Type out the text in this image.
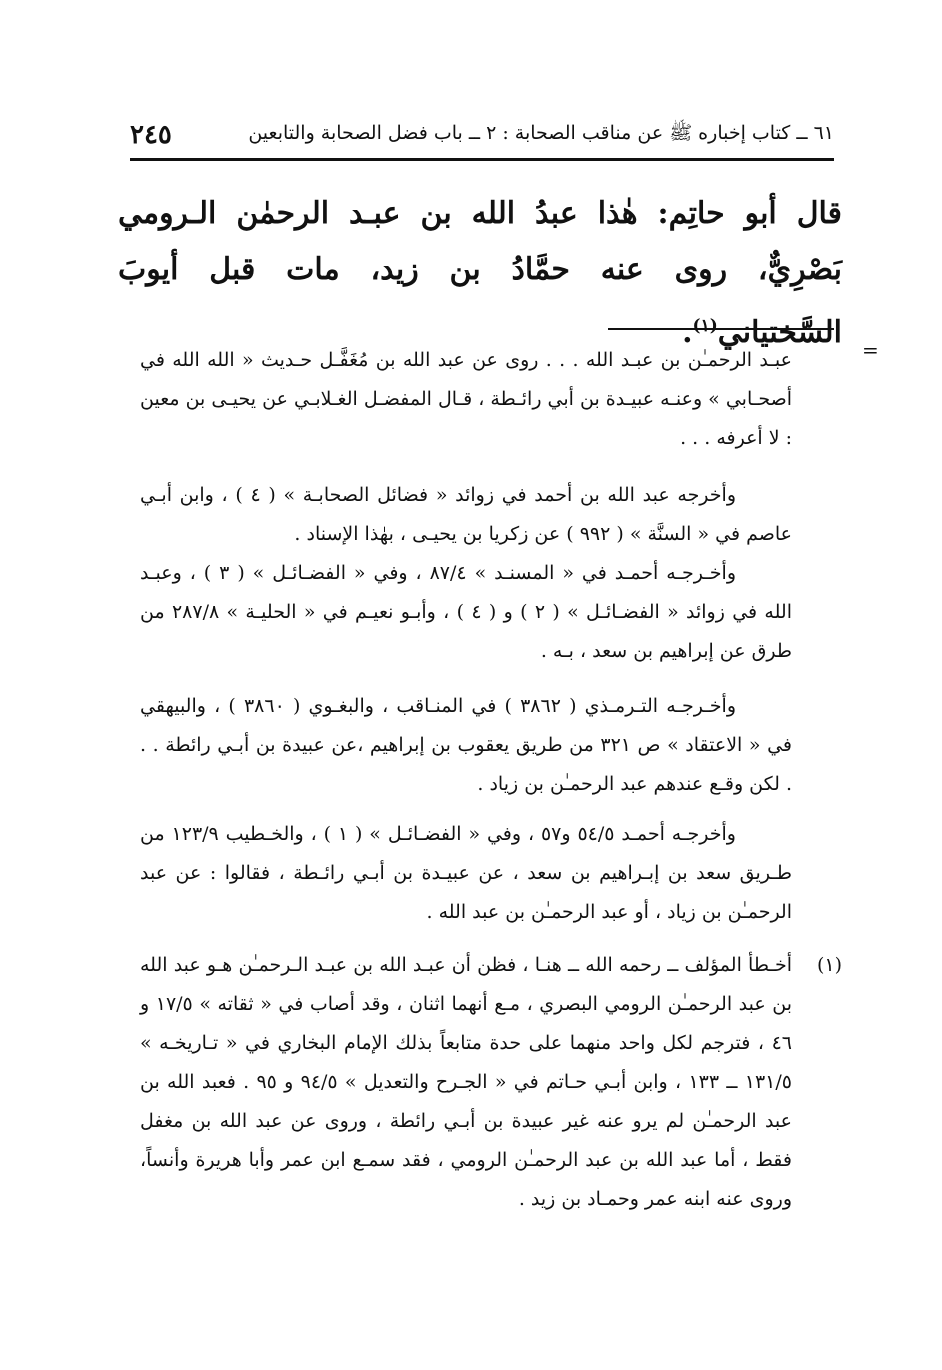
٦١ ــ كتاب إخباره ﷺ عن مناقب الصحابة : ٢ ــ باب فضل الصحابة والتابعين
٢٤٥
قال أبو حاتِم: هٰذا عبدُ الله بن عبـد الرحمٰن الـرومي بَصْرِيٌّ، روى عنه حمَّادُ بن زيد، مات قبل أيوبَ السَّختياني$^{(١)}$.	=

عبـد الرحمـٰن بن عبـد الله . . . روى عن عبد الله بن مُغَفَّـل حـديث « الله الله في أصحـابي » وعنـه عبيـدة بن أبي رائـطة ، قـال المفضـل الغـلابـي عن يحيـى بن معين : لا أعرفه . . .

وأخرجه عبد الله بن أحمد في زوائد « فضائل الصحابـة » ( ٤ ) ، وابن أبـي عاصم في « السنَّة » ( ٩٩٢ ) عن زكريا بن يحيـى ، بهٰذا الإسناد .

وأخـرجـه أحمـد في « المسنـد » ٨٧/٤ ، وفي « الفضـائـل » ( ٣ ) ، وعبـد الله في زوائد « الفضـائـل » ( ٢ ) و ( ٤ ) ، وأبـو نعيـم في « الحليـة » ٢٨٧/٨ من طرق عن إبراهيم بن سعد ، بـه .

وأخـرجـه التـرمـذي ( ٣٨٦٢ ) في المنـاقب ، والبغـوي ( ٣٨٦٠ ) ، والبيهقي في « الاعتقاد » ص ٣٢١ من طريق يعقوب بن إبراهيم ،عن عبيدة بن أبـي رائطة . . . لكن وقـع عندهم عبد الرحمـٰن بن زياد .

وأخرجـه أحمـد ٥٤/٥ و٥٧ ، وفي « الفضـائـل » ( ١ ) ، والخـطيب ١٢٣/٩ من طـريق سعد بن إبـراهيم بن سعد ، عن عبيـدة بن أبـي رائـطة ، فقالوا : عن عبد الرحمـٰن بن زياد ، أو عبد الرحمـٰن بن عبد الله .

(١)
أخـطأ المؤلف ــ رحمه الله ــ هنـا ، فظن أن عبـد الله بن عبـد الـرحمـٰن هـو عبد الله بن عبد الرحمـٰن الرومي البصري ، مـع أنهما اثنان ، وقد أصاب في « ثقاته » ١٧/٥ و ٤٦ ، فترجم لكل واحد منهما على حدة متابعاً بذلك الإمام البخاري في « تـاريخـه » ١٣١/٥ ــ ١٣٣ ، وابن أبـي حـاتم في « الجـرح والتعديل » ٩٤/٥ و ٩٥ . فعبد الله بن عبد الرحمـٰن لم يرو عنه غير عبيدة بن أبـي رائطة ، وروى عن عبد الله بن مغفل فقط ، أما عبد الله بن عبد الرحمـٰن الرومي ، فقد سمـع ابن عمر وأبا هريرة وأنساً، وروى عنه ابنه عمر وحمـاد بن زيد .
